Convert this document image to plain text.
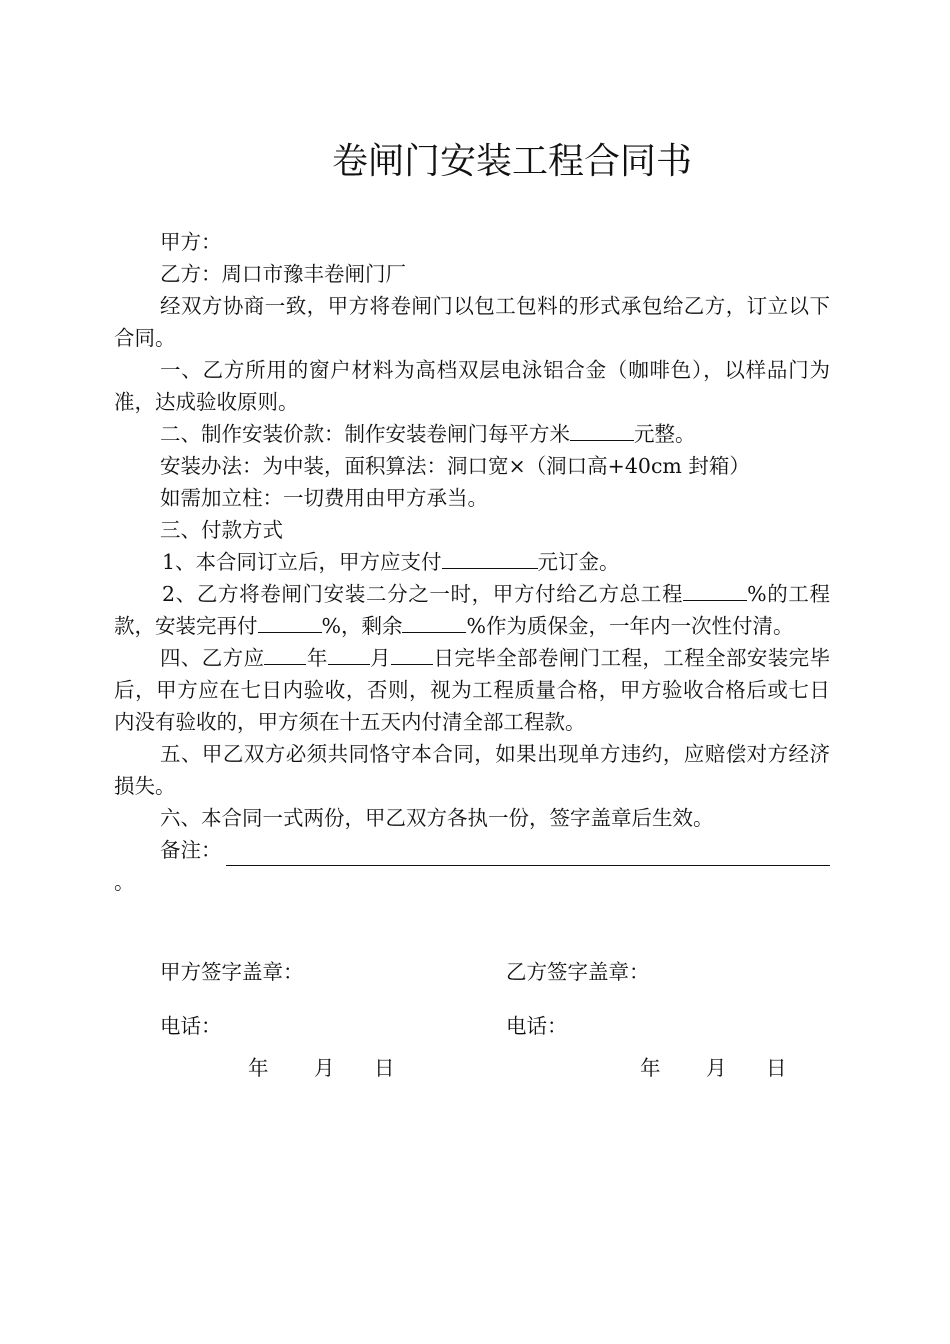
卷闸门安装工程合同书

甲方：

乙方：周口市豫丰卷闸门厂

经双方协商一致，甲方将卷闸门以包工包料的形式承包给乙方，订立以下合同。

一、乙方所用的窗户材料为高档双层电泳铝合金（咖啡色），以样品门为准，达成验收原则。

二、制作安装价款：制作安装卷闸门每平方米	元整。

安装办法：为中装，面积算法：洞口宽×（洞口高+40cm 封箱）

如需加立柱：一切费用由甲方承当。

三、付款方式

1、本合同订立后，甲方应支付	元订金。

2、乙方将卷闸门安装二分之一时，甲方付给乙方总工程	%的工程款，安装完再付	%，剩余	%作为质保金，一年内一次性付清。

四、乙方应 年 月 日完毕全部卷闸门工程，工程全部安装完毕后，甲方应在七日内验收，否则，视为工程质量合格，甲方验收合格后或七日内没有验收的，甲方须在十五天内付清全部工程款。

五、甲乙双方必须共同恪守本合同，如果出现单方违约，应赔偿对方经济损失。

六、本合同一式两份，甲乙双方各执一份，签字盖章后生效。

备注：

。

甲方签字盖章：	乙方签字盖章：
电话：	电话：
年	月	日	年	月	日
